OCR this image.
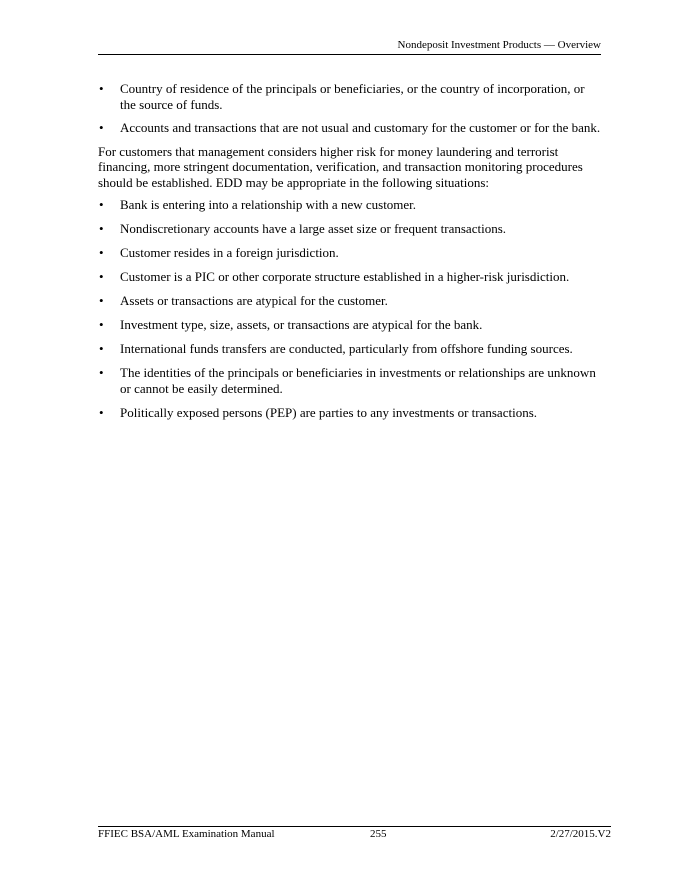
Nondeposit Investment Products — Overview
• Country of residence of the principals or beneficiaries, or the country of incorporation, or the source of funds.
• Accounts and transactions that are not usual and customary for the customer or for the bank.

For customers that management considers higher risk for money laundering and terrorist financing, more stringent documentation, verification, and transaction monitoring procedures should be established. EDD may be appropriate in the following situations:

• Bank is entering into a relationship with a new customer.
• Nondiscretionary accounts have a large asset size or frequent transactions.
• Customer resides in a foreign jurisdiction.
• Customer is a PIC or other corporate structure established in a higher-risk jurisdiction.
• Assets or transactions are atypical for the customer.
• Investment type, size, assets, or transactions are atypical for the bank.
• International funds transfers are conducted, particularly from offshore funding sources.
• The identities of the principals or beneficiaries in investments or relationships are unknown or cannot be easily determined.
• Politically exposed persons (PEP) are parties to any investments or transactions.
FFIEC BSA/AML Examination Manual	255	2/27/2015.V2
